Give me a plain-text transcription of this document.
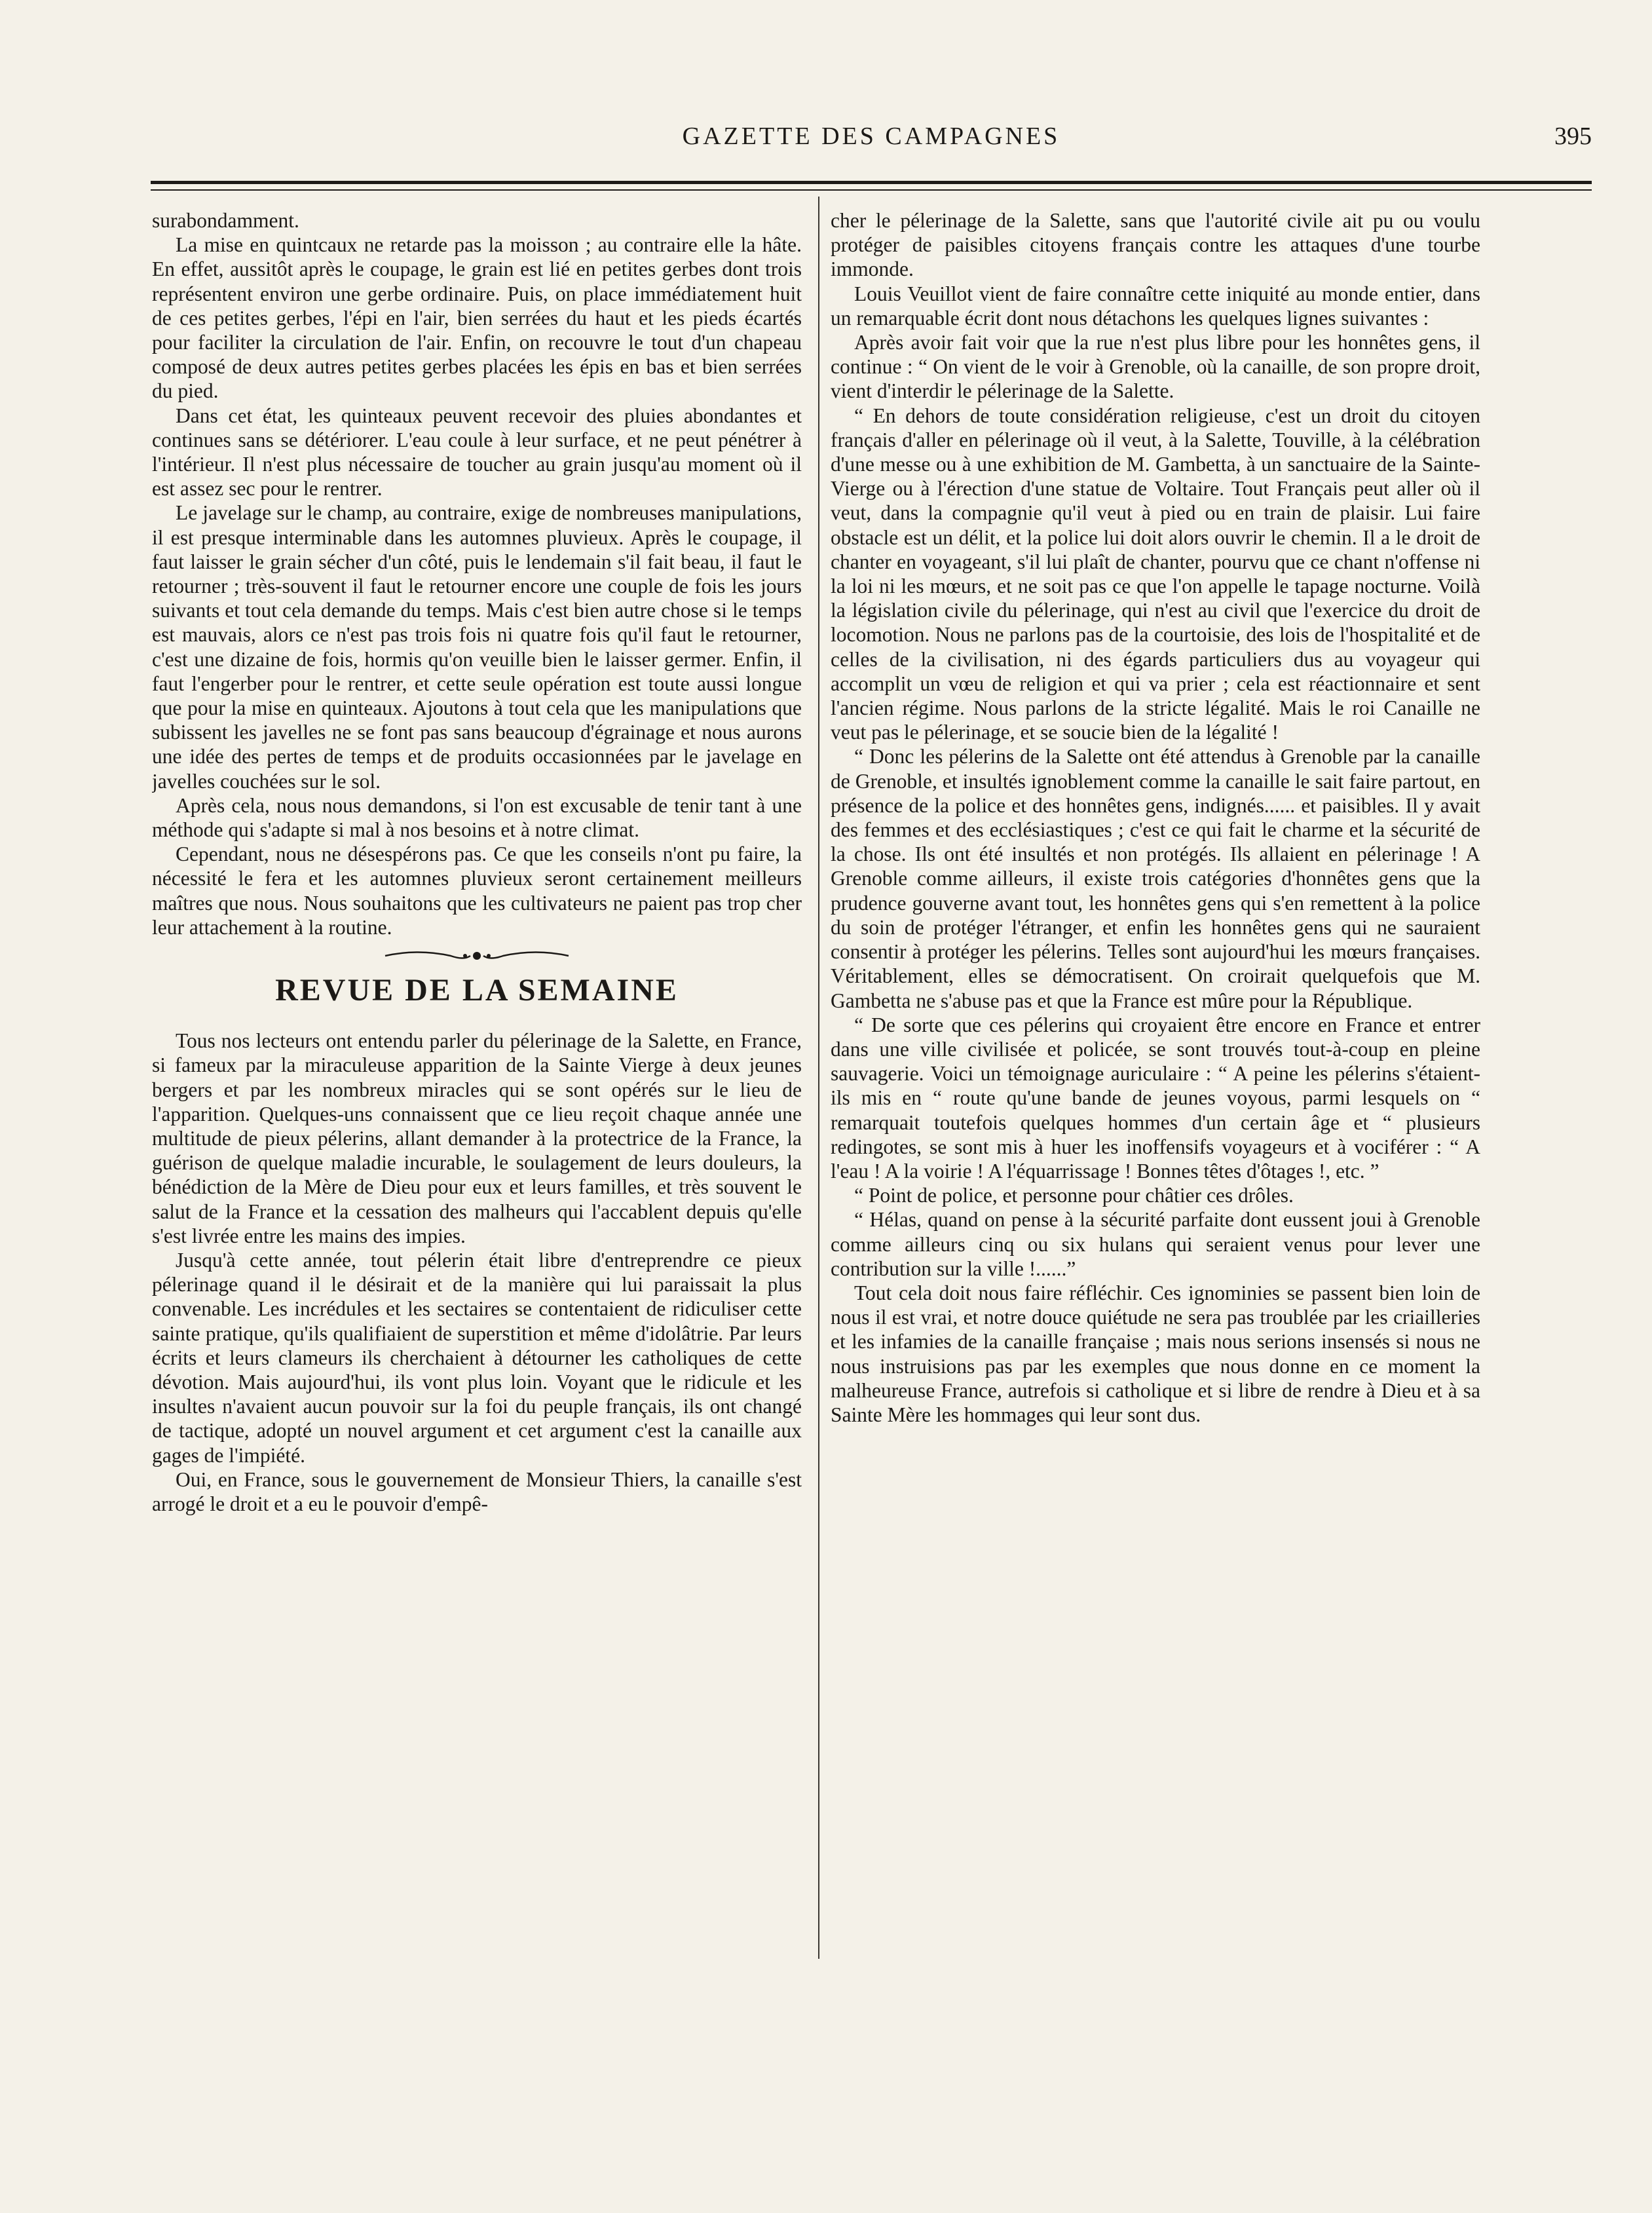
GAZETTE DES CAMPAGNES	395

surabondamment.

La mise en quintcaux ne retarde pas la moisson ; au contraire elle la hâte. En effet, aussitôt après le coupage, le grain est lié en petites gerbes dont trois représentent environ une gerbe ordinaire. Puis, on place immédiatement huit de ces petites gerbes, l'épi en l'air, bien serrées du haut et les pieds écartés pour faciliter la circulation de l'air. Enfin, on recouvre le tout d'un chapeau composé de deux autres petites gerbes placées les épis en bas et bien serrées du pied.

Dans cet état, les quinteaux peuvent recevoir des pluies abondantes et continues sans se détériorer. L'eau coule à leur surface, et ne peut pénétrer à l'intérieur. Il n'est plus nécessaire de toucher au grain jusqu'au moment où il est assez sec pour le rentrer.

Le javelage sur le champ, au contraire, exige de nombreuses manipulations, il est presque interminable dans les automnes pluvieux. Après le coupage, il faut laisser le grain sécher d'un côté, puis le lendemain s'il fait beau, il faut le retourner ; très-souvent il faut le retourner encore une couple de fois les jours suivants et tout cela demande du temps. Mais c'est bien autre chose si le temps est mauvais, alors ce n'est pas trois fois ni quatre fois qu'il faut le retourner, c'est une dizaine de fois, hormis qu'on veuille bien le laisser germer. Enfin, il faut l'engerber pour le rentrer, et cette seule opération est toute aussi longue que pour la mise en quinteaux. Ajoutons à tout cela que les manipulations que subissent les javelles ne se font pas sans beaucoup d'égrainage et nous aurons une idée des pertes de temps et de produits occasionnées par le javelage en javelles couchées sur le sol.

Après cela, nous nous demandons, si l'on est excusable de tenir tant à une méthode qui s'adapte si mal à nos besoins et à notre climat.

Cependant, nous ne désespérons pas. Ce que les conseils n'ont pu faire, la nécessité le fera et les automnes pluvieux seront certainement meilleurs maîtres que nous. Nous souhaitons que les cultivateurs ne paient pas trop cher leur attachement à la routine.

REVUE DE LA SEMAINE

Tous nos lecteurs ont entendu parler du pélerinage de la Salette, en France, si fameux par la miraculeuse apparition de la Sainte Vierge à deux jeunes bergers et par les nombreux miracles qui se sont opérés sur le lieu de l'apparition. Quelques-uns connaissent que ce lieu reçoit chaque année une multitude de pieux pélerins, allant demander à la protectrice de la France, la guérison de quelque maladie incurable, le soulagement de leurs douleurs, la bénédiction de la Mère de Dieu pour eux et leurs familles, et très souvent le salut de la France et la cessation des malheurs qui l'accablent depuis qu'elle s'est livrée entre les mains des impies.

Jusqu'à cette année, tout pélerin était libre d'entreprendre ce pieux pélerinage quand il le désirait et de la manière qui lui paraissait la plus convenable. Les incrédules et les sectaires se contentaient de ridiculiser cette sainte pratique, qu'ils qualifiaient de superstition et même d'idolâtrie. Par leurs écrits et leurs clameurs ils cherchaient à détourner les catholiques de cette dévotion. Mais aujourd'hui, ils vont plus loin. Voyant que le ridicule et les insultes n'avaient aucun pouvoir sur la foi du peuple français, ils ont changé de tactique, adopté un nouvel argument et cet argument c'est la canaille aux gages de l'impiété.

Oui, en France, sous le gouvernement de Monsieur Thiers, la canaille s'est arrogé le droit et a eu le pouvoir d'empê-

cher le pélerinage de la Salette, sans que l'autorité civile ait pu ou voulu protéger de paisibles citoyens français contre les attaques d'une tourbe immonde.

Louis Veuillot vient de faire connaître cette iniquité au monde entier, dans un remarquable écrit dont nous détachons les quelques lignes suivantes :

Après avoir fait voir que la rue n'est plus libre pour les honnêtes gens, il continue : “ On vient de le voir à Grenoble, où la canaille, de son propre droit, vient d'interdir le pélerinage de la Salette.

“ En dehors de toute considération religieuse, c'est un droit du citoyen français d'aller en pélerinage où il veut, à la Salette, Touville, à la célébration d'une messe ou à une exhibition de M. Gambetta, à un sanctuaire de la Sainte-Vierge ou à l'érection d'une statue de Voltaire. Tout Français peut aller où il veut, dans la compagnie qu'il veut à pied ou en train de plaisir. Lui faire obstacle est un délit, et la police lui doit alors ouvrir le chemin. Il a le droit de chanter en voyageant, s'il lui plaît de chanter, pourvu que ce chant n'offense ni la loi ni les mœurs, et ne soit pas ce que l'on appelle le tapage nocturne. Voilà la législation civile du pélerinage, qui n'est au civil que l'exercice du droit de locomotion. Nous ne parlons pas de la courtoisie, des lois de l'hospitalité et de celles de la civilisation, ni des égards particuliers dus au voyageur qui accomplit un vœu de religion et qui va prier ; cela est réactionnaire et sent l'ancien régime. Nous parlons de la stricte légalité. Mais le roi Canaille ne veut pas le pélerinage, et se soucie bien de la légalité !

“ Donc les pélerins de la Salette ont été attendus à Grenoble par la canaille de Grenoble, et insultés ignoblement comme la canaille le sait faire partout, en présence de la police et des honnêtes gens, indignés...... et paisibles. Il y avait des femmes et des ecclésiastiques ; c'est ce qui fait le charme et la sécurité de la chose. Ils ont été insultés et non protégés. Ils allaient en pélerinage ! A Grenoble comme ailleurs, il existe trois catégories d'honnêtes gens que la prudence gouverne avant tout, les honnêtes gens qui s'en remettent à la police du soin de protéger l'étranger, et enfin les honnêtes gens qui ne sauraient consentir à protéger les pélerins. Telles sont aujourd'hui les mœurs françaises. Véritablement, elles se démocratisent. On croirait quelquefois que M. Gambetta ne s'abuse pas et que la France est mûre pour la République.

“ De sorte que ces pélerins qui croyaient être encore en France et entrer dans une ville civilisée et policée, se sont trouvés tout-à-coup en pleine sauvagerie. Voici un témoignage auriculaire : “ A peine les pélerins s'étaient-ils mis en “ route qu'une bande de jeunes voyous, parmi lesquels on “ remarquait toutefois quelques hommes d'un certain âge et “ plusieurs redingotes, se sont mis à huer les inoffensifs voyageurs et à vociférer : “ A l'eau ! A la voirie ! A l'équarrissage ! Bonnes têtes d'ôtages !, etc. ”

“ Point de police, et personne pour châtier ces drôles.

“ Hélas, quand on pense à la sécurité parfaite dont eussent joui à Grenoble comme ailleurs cinq ou six hulans qui seraient venus pour lever une contribution sur la ville !......”

Tout cela doit nous faire réfléchir. Ces ignominies se passent bien loin de nous il est vrai, et notre douce quiétude ne sera pas troublée par les criailleries et les infamies de la canaille française ; mais nous serions insensés si nous ne nous instruisions pas par les exemples que nous donne en ce moment la malheureuse France, autrefois si catholique et si libre de rendre à Dieu et à sa Sainte Mère les hommages qui leur sont dus.
